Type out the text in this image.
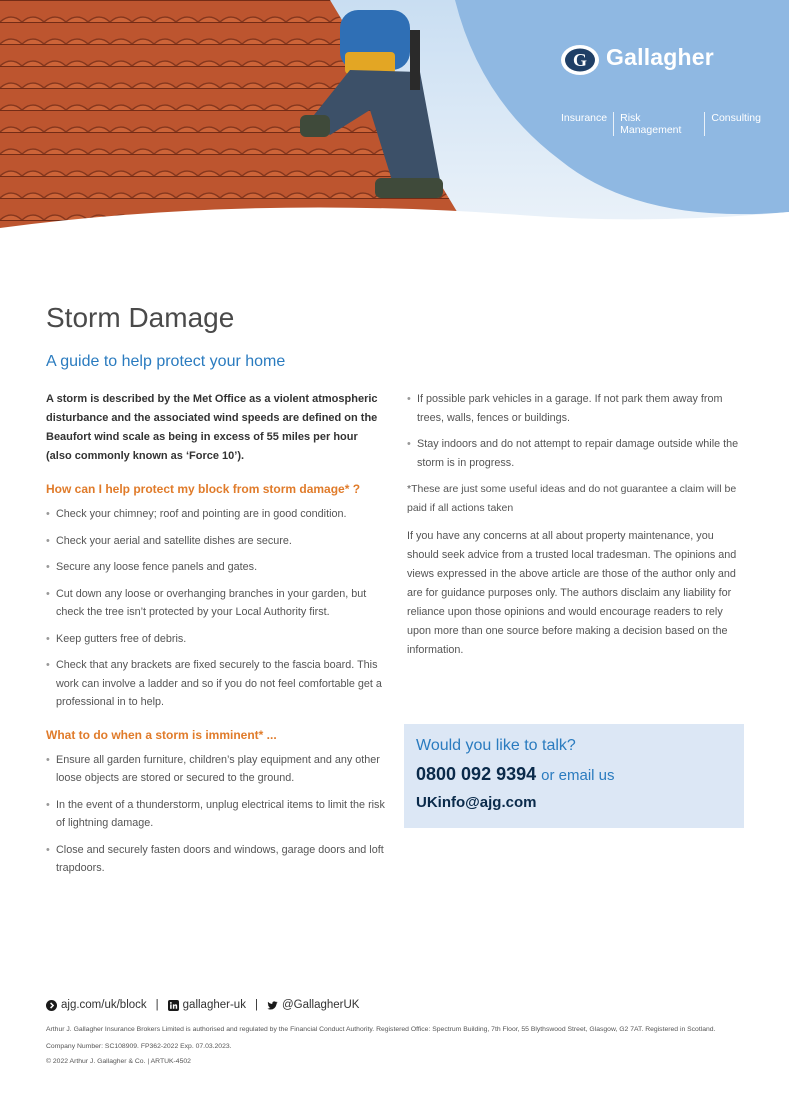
G Gallagher
Insurance	Risk Management
Consulting
Storm Damage
A guide to help protect your home

A storm is described by the Met Office as a violent atmospheric disturbance and the associated wind speeds are defined on the Beaufort wind scale as being in excess of 55 miles per hour (also commonly known as ‘Force 10’).

How can I help protect my block from storm damage* ?
• Check your chimney; roof and pointing are in good condition.
• Check your aerial and satellite dishes are secure.
• Secure any loose fence panels and gates.
• Cut down any loose or overhanging branches in your garden, but check the tree isn’t protected by your Local Authority first.
• Keep gutters free of debris.
• Check that any brackets are fixed securely to the fascia board. This work can involve a ladder and so if you do not feel comfortable get a professional in to help.
What to do when a storm is imminent* ...
• Ensure all garden furniture, children’s play equipment and any other loose objects are stored or secured to the ground.
• In the event of a thunderstorm, unplug electrical items to limit the risk of lightning damage.
• Close and securely fasten doors and windows, garage doors and loft trapdoors.
• If possible park vehicles in a garage. If not park them away from trees, walls, fences or buildings.
• Stay indoors and do not attempt to repair damage outside while the storm is in progress.

*These are just some useful ideas and do not guarantee a claim will be paid if all actions taken

If you have any concerns at all about property maintenance, you should seek advice from a trusted local tradesman. The opinions and views expressed in the above article are those of the author only and are for guidance purposes only. The authors disclaim any liability for reliance upon those opinions and would encourage readers to rely upon more than one source before making a decision based on the information.

Would you like to talk?
0800 092 9394 or email us
UKinfo@ajg.com
ajg.com/uk/block | gallagher-uk | @GallagherUK

Arthur J. Gallagher Insurance Brokers Limited is authorised and regulated by the Financial Conduct Authority. Registered Office: Spectrum Building, 7th Floor, 55 Blythswood Street, Glasgow, G2 7AT. Registered in Scotland. Company Number: SC108909. FP362-2022 Exp. 07.03.2023.

© 2022 Arthur J. Gallagher & Co. | ARTUK-4502
